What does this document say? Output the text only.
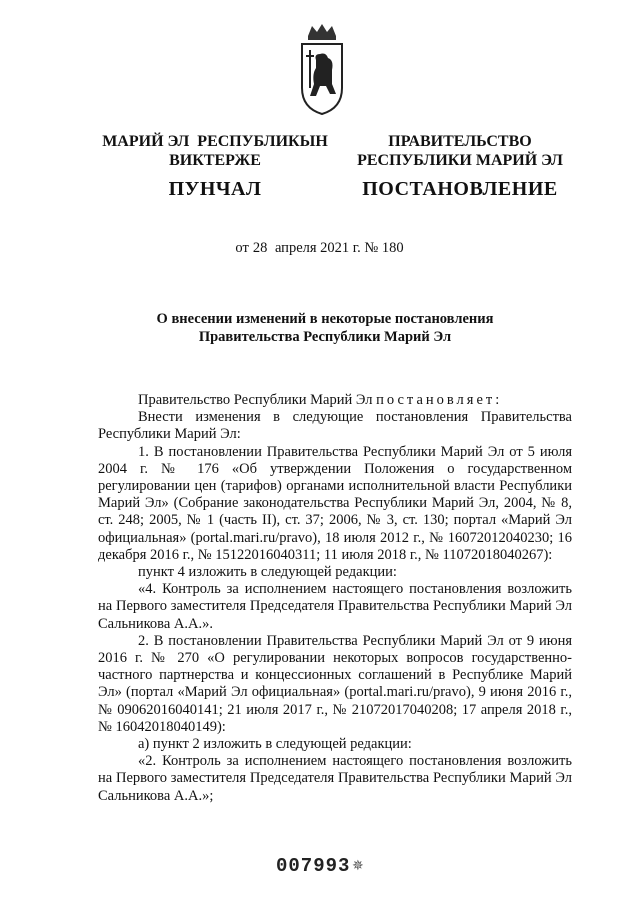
МАРИЙ ЭЛ  РЕСПУБЛИКЫН
ВИКТЕРЖЕ
ПУНЧАЛ
ПРАВИТЕЛЬСТВО
РЕСПУБЛИКИ МАРИЙ ЭЛ
ПОСТАНОВЛЕНИЕ
от 28 апреля 2021 г. № 180
О внесении изменений в некоторые постановления
Правительства Республики Марий Эл

Правительство Республики Марий Эл постановляет:

Внести изменения в следующие постановления Правительства Республики Марий Эл:

1. В постановлении Правительства Республики Марий Эл от 5 июля 2004 г. № 176 «Об утверждении Положения о государственном регулировании цен (тарифов) органами исполнительной власти Республики Марий Эл» (Собрание законодательства Республики Марий Эл, 2004, № 8, ст. 248; 2005, № 1 (часть II), ст. 37; 2006, № 3, ст. 130; портал «Марий Эл официальная» (portal.mari.ru/pravo), 18 июля 2012 г., № 16072012040230; 16 декабря 2016 г., № 15122016040311; 11 июля 2018 г., № 11072018040267):

пункт 4 изложить в следующей редакции:

«4. Контроль за исполнением настоящего постановления возложить на Первого заместителя Председателя Правительства Республики Марий Эл Сальникова А.А.».

2. В постановлении Правительства Республики Марий Эл от 9 июня 2016 г. № 270 «О регулировании некоторых вопросов государственно-частного партнерства и концессионных соглашений в Республике Марий Эл» (портал «Марий Эл официальная» (portal.mari.ru/pravo), 9 июня 2016 г., № 09062016040141; 21 июля 2017 г., № 21072017040208; 17 апреля 2018 г., № 16042018040149):

а) пункт 2 изложить в следующей редакции:

«2. Контроль за исполнением настоящего постановления возложить на Первого заместителя Председателя Правительства Республики Марий Эл Сальникова А.А.»;

007993 ✵
